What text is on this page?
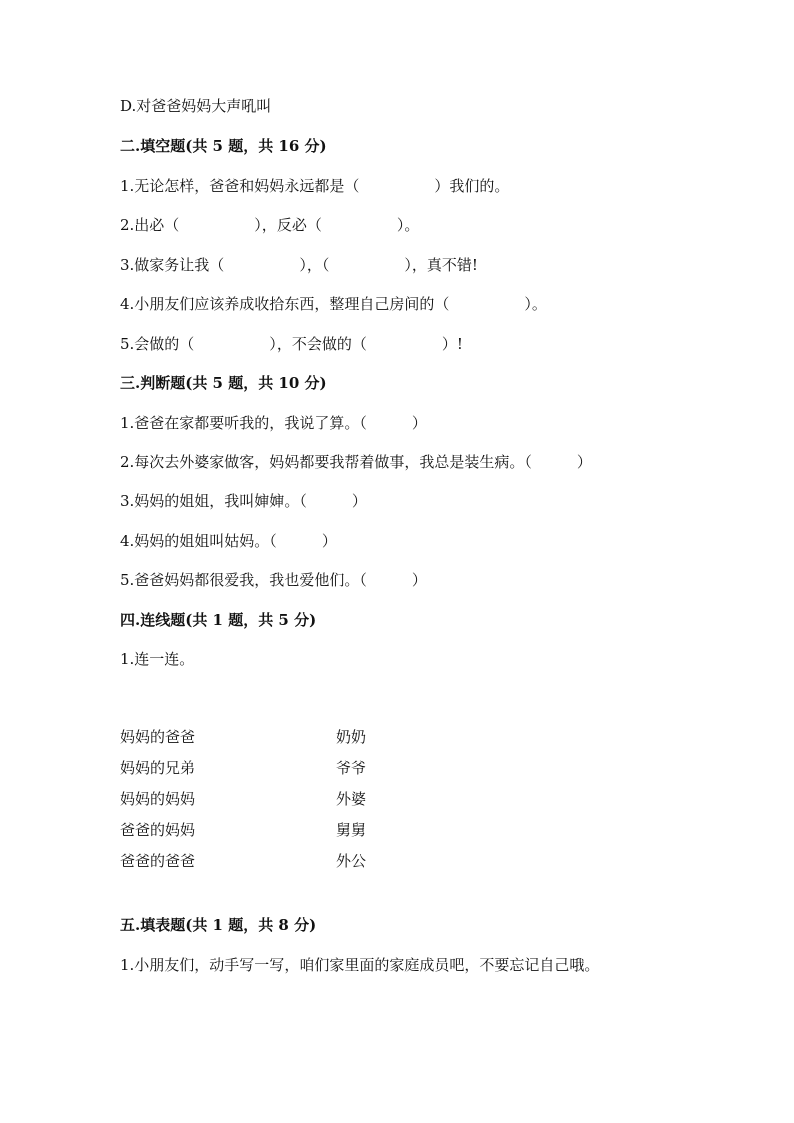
D.对爸爸妈妈大声吼叫
二.填空题(共 5 题，共 16 分)
1.无论怎样，爸爸和妈妈永远都是（　　　　　）我们的。
2.出必（　　　　　），反必（　　　　　）。
3.做家务让我（　　　　　），（　　　　　），真不错!
4.小朋友们应该养成收拾东西，整理自己房间的（　　　　　）。
5.会做的（　　　　　），不会做的（　　　　　）!
三.判断题(共 5 题，共 10 分)
1.爸爸在家都要听我的，我说了算。（　　　）
2.每次去外婆家做客，妈妈都要我帮着做事，我总是装生病。（　　　）
3.妈妈的姐姐，我叫婶婶。（　　　）
4.妈妈的姐姐叫姑妈。（　　　）
5.爸爸妈妈都很爱我，我也爱他们。（　　　）
四.连线题(共 1 题，共 5 分)
1.连一连。
妈妈的爸爸	奶奶
妈妈的兄弟	爷爷
妈妈的妈妈	外婆
爸爸的妈妈	舅舅
爸爸的爸爸	外公
五.填表题(共 1 题，共 8 分)
1.小朋友们，动手写一写，咱们家里面的家庭成员吧，不要忘记自己哦。
